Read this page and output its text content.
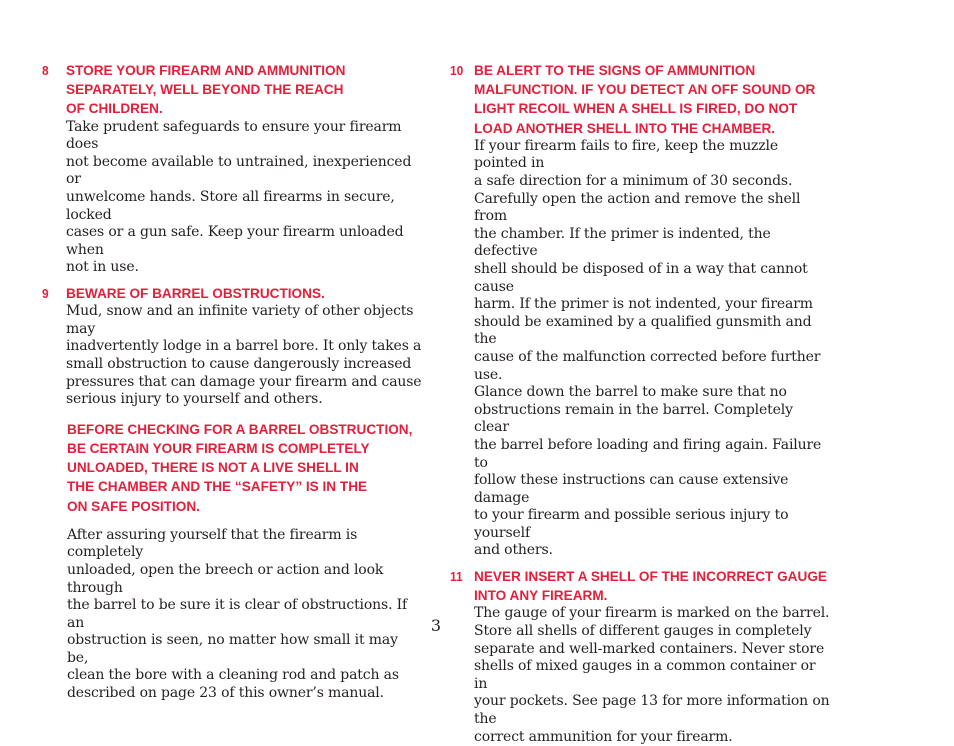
8	STORE YOUR FIREARM AND AMMUNITION
SEPARATELY, WELL BEYOND THE REACH
OF CHILDREN.
Take prudent safeguards to ensure your firearm does
not become available to untrained, inexperienced or
unwelcome hands. Store all firearms in secure, locked
cases or a gun safe. Keep your firearm unloaded when
not in use.
9	BEWARE OF BARREL OBSTRUCTIONS.
Mud, snow and an infinite variety of other objects may
inadvertently lodge in a barrel bore. It only takes a
small obstruction to cause dangerously increased
pressures that can damage your firearm and cause
serious injury to yourself and others.
BEFORE CHECKING FOR A BARREL OBSTRUCTION,
BE CERTAIN YOUR FIREARM IS COMPLETELY
UNLOADED, THERE IS NOT A LIVE SHELL IN
THE CHAMBER AND THE “SAFETY” IS IN THE
ON SAFE POSITION.
After assuring yourself that the firearm is completely
unloaded, open the breech or action and look through
the barrel to be sure it is clear of obstructions. If an
obstruction is seen, no matter how small it may be,
clean the bore with a cleaning rod and patch as
described on page 23 of this owner’s manual.
10 BE ALERT TO THE SIGNS OF AMMUNITION
MALFUNCTION. IF YOU DETECT AN OFF SOUND OR
LIGHT RECOIL WHEN A SHELL IS FIRED, DO NOT
LOAD ANOTHER SHELL INTO THE CHAMBER.
If your firearm fails to fire, keep the muzzle pointed in
a safe direction for a minimum of 30 seconds.
Carefully open the action and remove the shell from
the chamber. If the primer is indented, the defective
shell should be disposed of in a way that cannot cause
harm. If the primer is not indented, your firearm
should be examined by a qualified gunsmith and the
cause of the malfunction corrected before further use.
Glance down the barrel to make sure that no
obstructions remain in the barrel. Completely clear
the barrel before loading and firing again. Failure to
follow these instructions can cause extensive damage
to your firearm and possible serious injury to yourself
and others.
11 NEVER INSERT A SHELL OF THE INCORRECT GAUGE
INTO ANY FIREARM.
The gauge of your firearm is marked on the barrel.
Store all shells of different gauges in completely
separate and well-marked containers. Never store
shells of mixed gauges in a common container or in
your pockets. See page 13 for more information on the
correct ammunition for your firearm.
3
